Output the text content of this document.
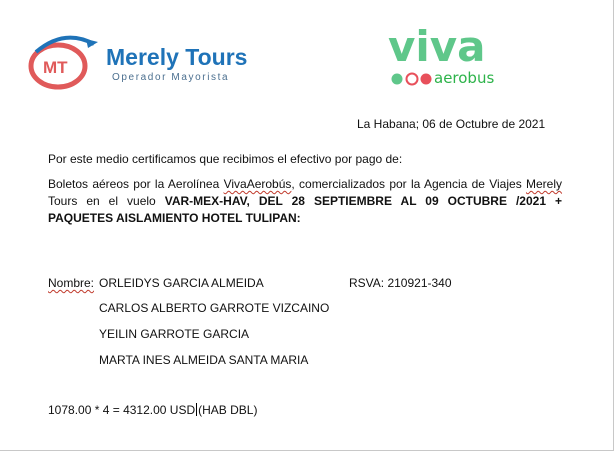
MT Merely Tours
Operador Mayorista
viva
aerobus
La Habana; 06 de Octubre de 2021
Por este medio certificamos que recibimos el efectivo por pago de:
Boletos aéreos por la Aerolínea VivaAerobús, comercializados por la Agencia de Viajes Merely Tours en el vuelo VAR-MEX-HAV, DEL 28 SEPTIEMBRE AL 09 OCTUBRE /2021 + PAQUETES AISLAMIENTO HOTEL TULIPAN:
Nombre: ORLEIDYS GARCIA ALMEIDA	RSVA: 210921-340
CARLOS ALBERTO GARROTE VIZCAINO
YEILIN GARROTE GARCIA
MARTA INES ALMEIDA SANTA MARIA
1078.00 * 4 = 4312.00 USD (HAB DBL)
